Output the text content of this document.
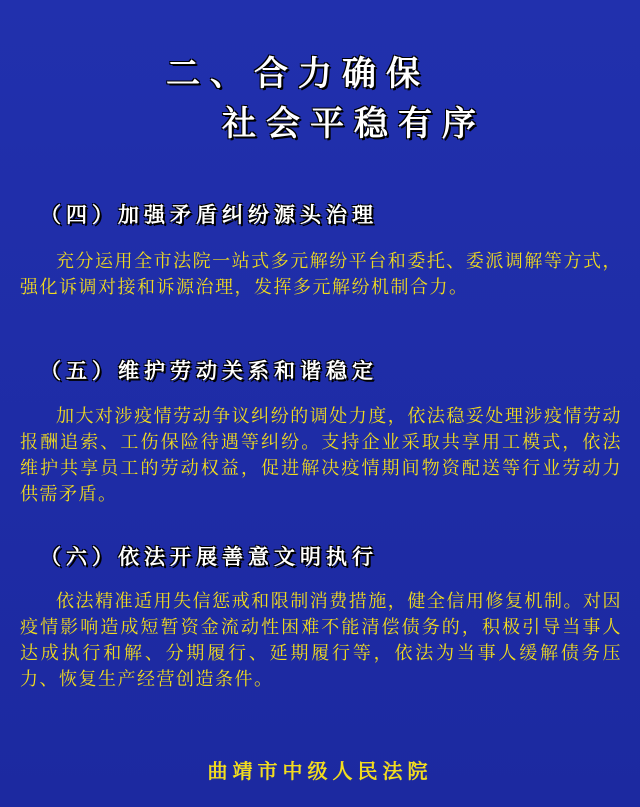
二、合力确保
社会平稳有序
（四）加强矛盾纠纷源头治理

充分运用全市法院一站式多元解纷平台和委托、委派调解等方式，强化诉调对接和诉源治理，发挥多元解纷机制合力。

（五）维护劳动关系和谐稳定

加大对涉疫情劳动争议纠纷的调处力度，依法稳妥处理涉疫情劳动报酬追索、工伤保险待遇等纠纷。支持企业采取共享用工模式，依法维护共享员工的劳动权益，促进解决疫情期间物资配送等行业劳动力供需矛盾。

（六）依法开展善意文明执行

依法精准适用失信惩戒和限制消费措施，健全信用修复机制。对因疫情影响造成短暂资金流动性困难不能清偿债务的，积极引导当事人达成执行和解、分期履行、延期履行等，依法为当事人缓解债务压力、恢复生产经营创造条件。

曲靖市中级人民法院
